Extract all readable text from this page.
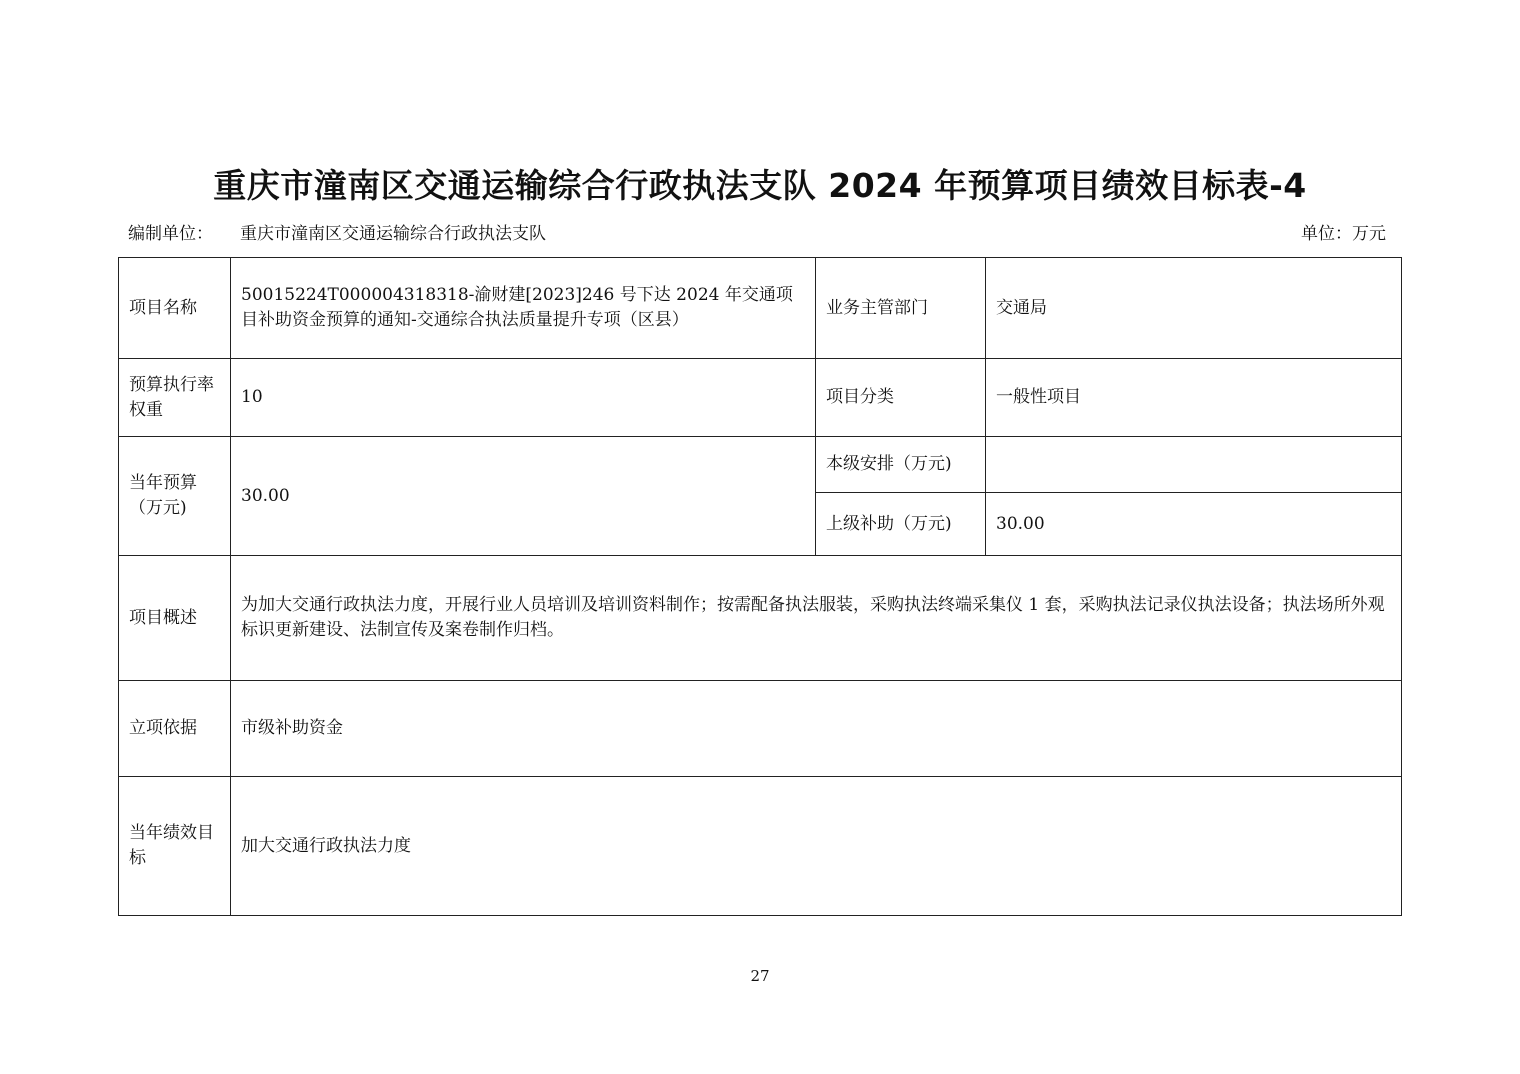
重庆市潼南区交通运输综合行政执法支队 2024 年预算项目绩效目标表-4
编制单位： 重庆市潼南区交通运输综合行政执法支队	单位：万元
项目名称	50015224T000004318318-渝财建[2023]246 号下达 2024 年交通项目补助资金预算的通知-交通综合执法质量提升专项（区县）	业务主管部门	交通局
预算执行率权重	10	项目分类	一般性项目
当年预算（万元)	30.00	本级安排（万元)	
		上级补助（万元)	30.00
项目概述	为加大交通行政执法力度，开展行业人员培训及培训资料制作；按需配备执法服装，采购执法终端采集仪 1 套，采购执法记录仪执法设备；执法场所外观标识更新建设、法制宣传及案卷制作归档。		
立项依据	市级补助资金		
当年绩效目标	加大交通行政执法力度		
27
